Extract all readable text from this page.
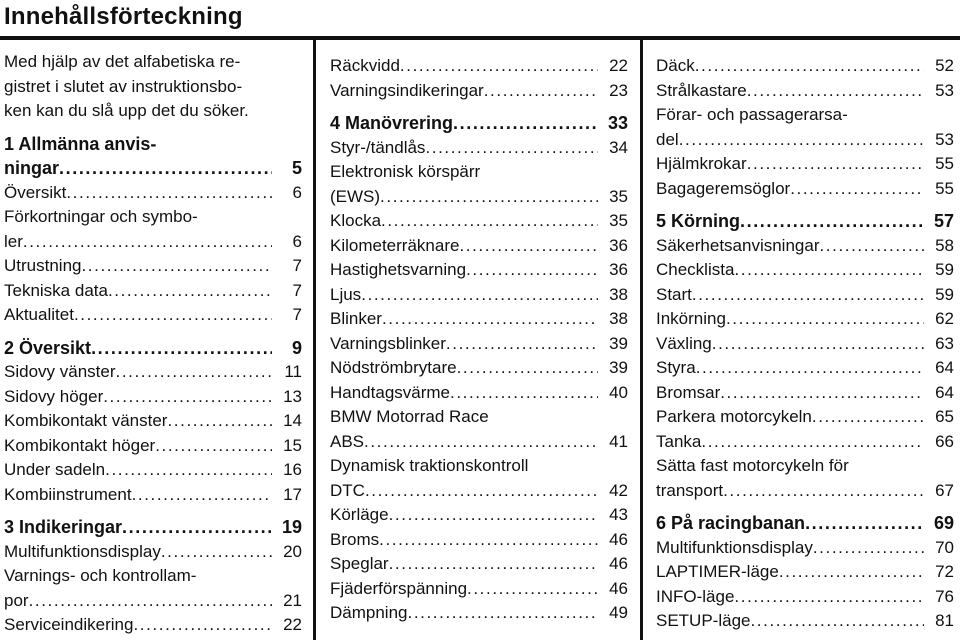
Innehållsförteckning
Med hjälp av det alfabetiska re-
gistret i slutet av instruktionsbo-
ken kan du slå upp det du söker.
1 Allmänna anvis-
ningar .....	5
Översikt .....	6
Förkortningar och symbo-
ler .....	6
Utrustning .....	7
Tekniska data .....	7
Aktualitet .....	7
2 Översikt .....	9
Sidovy vänster .....	11
Sidovy höger .....	13
Kombikontakt vänster .....	14
Kombikontakt höger .....	15
Under sadeln .....	16
Kombiinstrument .....	17
3 Indikeringar .....	19
Multifunktionsdisplay .....	20
Varnings- och kontrollam-
por .....	21
Serviceindikering .....	22
Räckvidd .....	22
Varningsindikeringar .....	23
4 Manövrering .....	33
Styr-/tändlås .....	34
Elektronisk körspärr
(EWS) .....	35
Klocka .....	35
Kilometerräknare .....	36
Hastighetsvarning .....	36
Ljus .....	38
Blinker .....	38
Varningsblinker .....	39
Nödströmbrytare .....	39
Handtagsvärme .....	40
BMW Motorrad Race
ABS .....	41
Dynamisk traktionskontroll
DTC .....	42
Körläge .....	43
Broms .....	46
Speglar .....	46
Fjäderförspänning .....	46
Dämpning .....	49
Däck .....	52
Strålkastare .....	53
Förar- och passagerarsa-
del .....	53
Hjälmkrokar .....	55
Bagageremsöglor .....	55
5 Körning .....	57
Säkerhetsanvisningar .....	58
Checklista .....	59
Start .....	59
Inkörning .....	62
Växling .....	63
Styra .....	64
Bromsar .....	64
Parkera motorcykeln .....	65
Tanka .....	66
Sätta fast motorcykeln för
transport .....	67
6 På racingbanan .....	69
Multifunktionsdisplay .....	70
LAPTIMER-läge .....	72
INFO-läge .....	76
SETUP-läge .....	81
